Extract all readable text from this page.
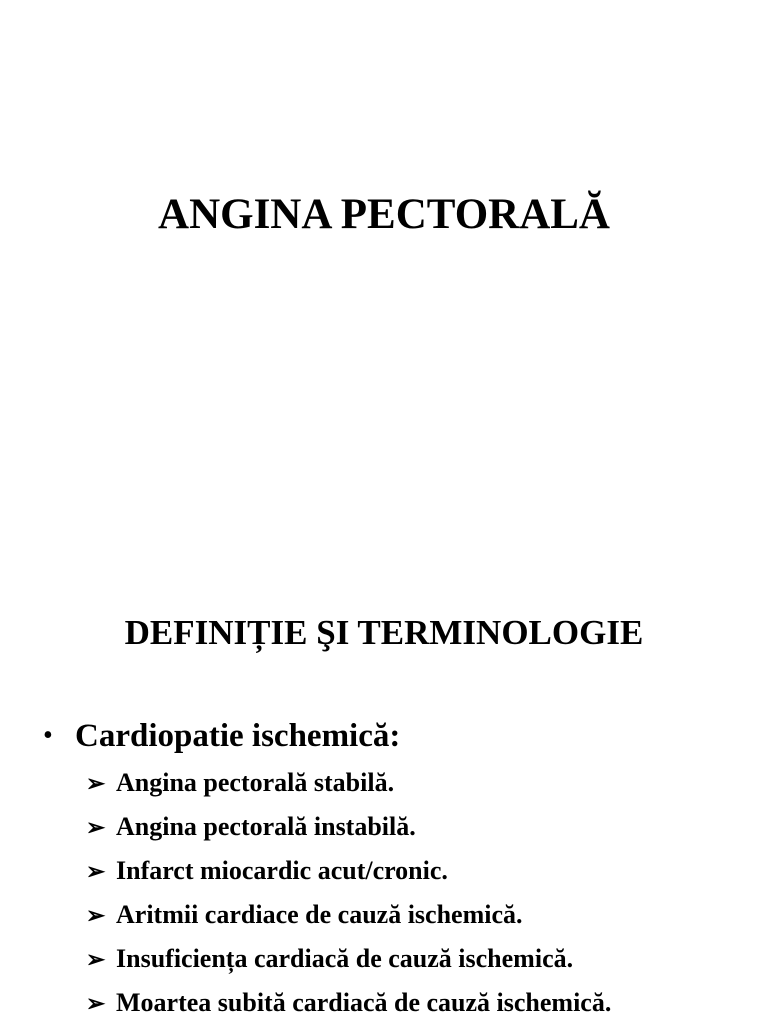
ANGINA PECTORALĂ
DEFINIȚIE ŞI TERMINOLOGIE
• Cardiopatie ischemică:
➢ Angina pectorală stabilă.
➢ Angina pectorală instabilă.
➢ Infarct miocardic acut/cronic.
➢ Aritmii cardiace de cauză ischemică.
➢ Insuficiența cardiacă de cauză ischemică.
➢ Moartea subită cardiacă de cauză ischemică.
